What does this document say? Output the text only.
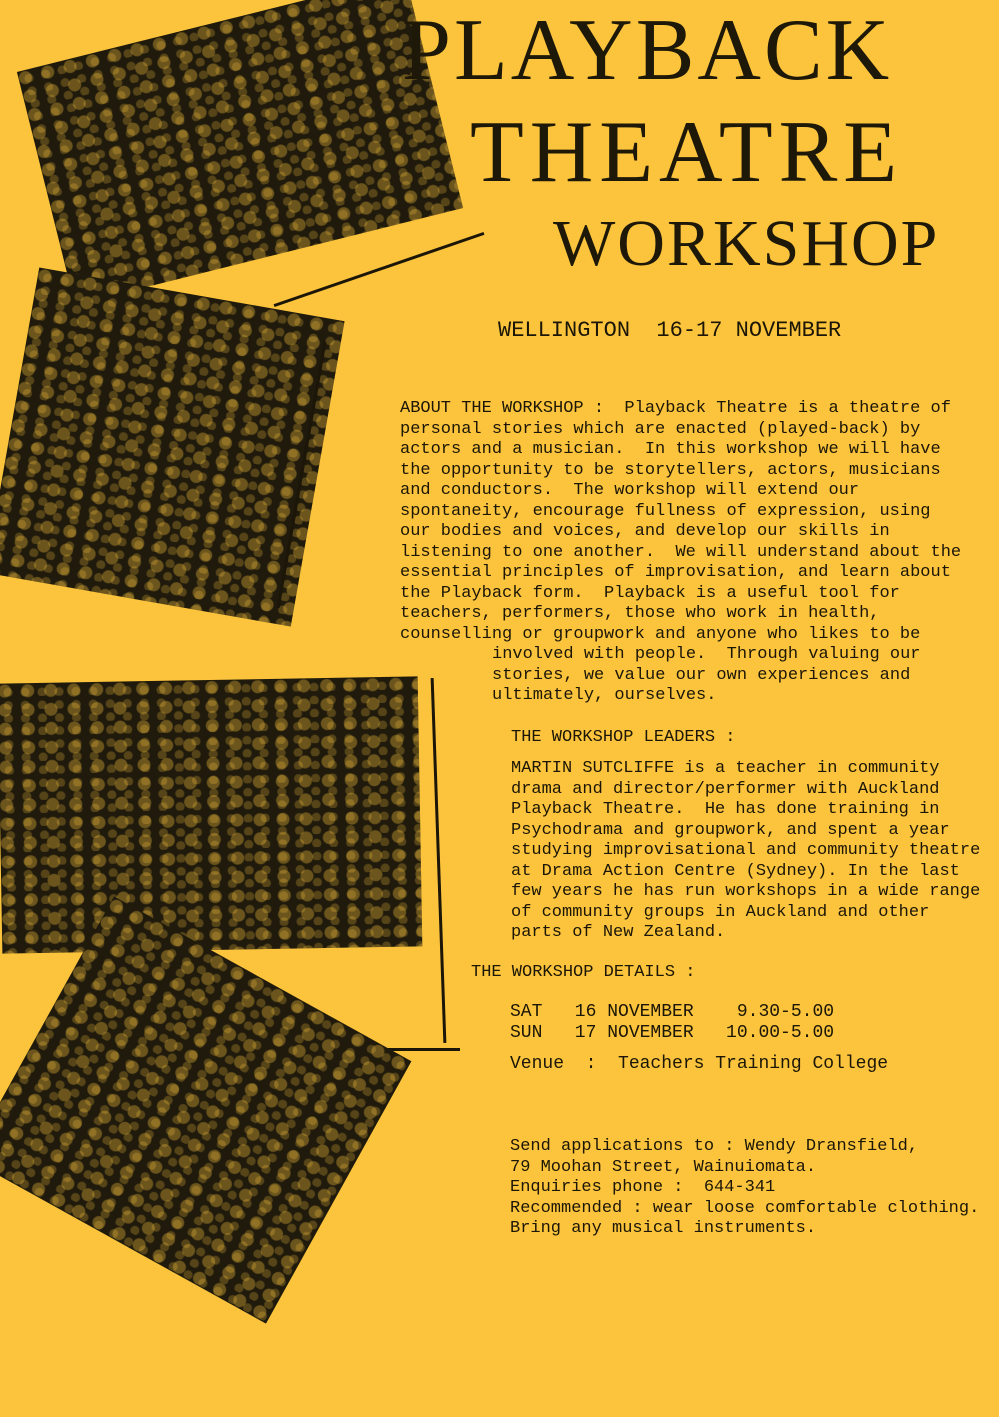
PLAYBACK
THEATRE
WORKSHOP
WELLINGTON  16-17 NOVEMBER
ABOUT THE WORKSHOP :  Playback Theatre is a theatre of
personal stories which are enacted (played-back) by
actors and a musician.  In this workshop we will have
the opportunity to be storytellers, actors, musicians
and conductors.  The workshop will extend our
spontaneity, encourage fullness of expression, using
our bodies and voices, and develop our skills in
listening to one another.  We will understand about the
essential principles of improvisation, and learn about
the Playback form.  Playback is a useful tool for
teachers, performers, those who work in health,
counselling or groupwork and anyone who likes to be
involved with people.  Through valuing our
stories, we value our own experiences and
ultimately, ourselves.
THE WORKSHOP LEADERS :
MARTIN SUTCLIFFE is a teacher in community
drama and director/performer with Auckland
Playback Theatre.  He has done training in
Psychodrama and groupwork, and spent a year
studying improvisational and community theatre
at Drama Action Centre (Sydney). In the last
few years he has run workshops in a wide range
of community groups in Auckland and other
parts of New Zealand.
THE WORKSHOP DETAILS :
SAT   16 NOVEMBER    9.30-5.00
SUN   17 NOVEMBER   10.00-5.00
Venue  :  Teachers Training College
Send applications to : Wendy Dransfield,
79 Moohan Street, Wainuiomata.
Enquiries phone :  644-341
Recommended : wear loose comfortable clothing.
Bring any musical instruments.
